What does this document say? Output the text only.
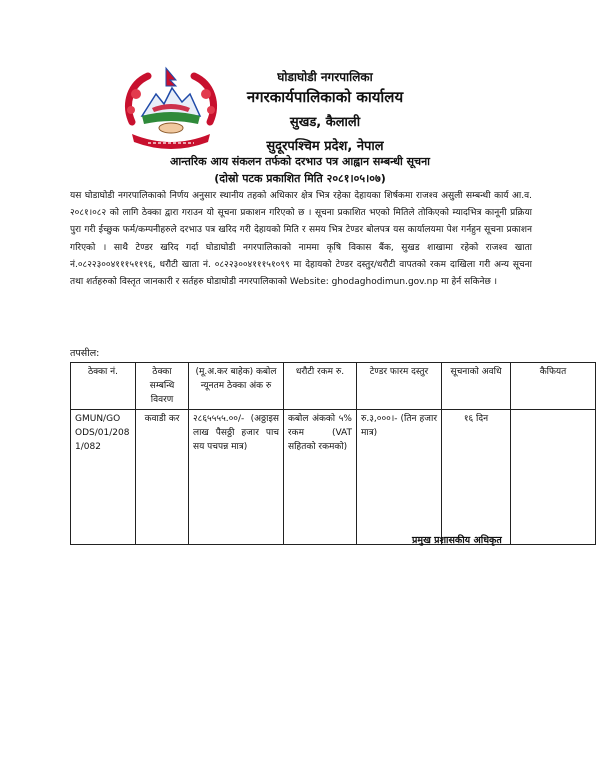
घोडाघोडी नगरपालिका
नगरकार्यपालिकाको कार्यालय
सुखड, कैलाली
सुदूरपश्चिम प्रदेश, नेपाल
आन्तरिक आय संकलन तर्फको दरभाउ पत्र आह्वान सम्बन्धी सूचना
(दोस्रो पटक प्रकाशित मिति २०८१।०५।०७)
यस घोडाघोडी नगरपालिकाको निर्णय अनुसार स्थानीय तहको अधिकार क्षेत्र भित्र रहेका देहायका शिर्षकमा राजश्व असुली सम्बन्धी कार्य आ.व. २०८१।०८२ को लागि ठेक्का द्वारा गराउन यो सूचना प्रकाशन गरिएको छ । सूचना प्रकाशित भएको मितिले तोकिएको म्यादभित्र कानूनी प्रक्रिया पुरा गरी ईच्छुक फर्म/कम्पनीहरुले दरभाउ पत्र खरिद गरी देहायको मिति र समय भित्र टेण्डर बोलपत्र यस कार्यालयमा पेश गर्नहुन सूचना प्रकाशन गरिएको । साथै टेण्डर खरिद गर्दा घोडाघोडी नगरपालिकाको नाममा कृषि विकास बैंक, सुखड शाखामा रहेको राजश्व खाता नं.०८२२३००४१११५११९६, धरौटी खाता नं. ०८२२३००४१११५१०९९ मा देहायको टेण्डर दस्तुर/धरौटी वापतको रकम दाखिला गरी अन्य सूचना तथा शर्तहरुको विस्तृत जानकारी र सर्तहरु घोडाघोडी नगरपालिकाको Website: ghodaghodimun.gov.np मा हेर्न सकिनेछ ।
तपसील:
ठेक्का नं.	ठेक्का सम्बन्धि विवरण	(मू.अ.कर बाहेक) कबोल न्यूनतम ठेक्का अंक रु	धरौटी रकम रु.	टेण्डर फारम दस्तुर	सूचनाको अवधि	कैफियत
GMUN/GO ODS/01/208 1/082	कवाडी कर	२८६५५५५.००/- (अठ्ठाइस लाख पैसठ्ठी हजार पाच सय पचपन्न मात्र)	कबोल अंकको ५% रकम (VAT सहितको रकमको)	रु.३,०००।- (तिन हजार मात्र)	१६ दिन	
प्रमुख प्रशासकीय अधिकृत
